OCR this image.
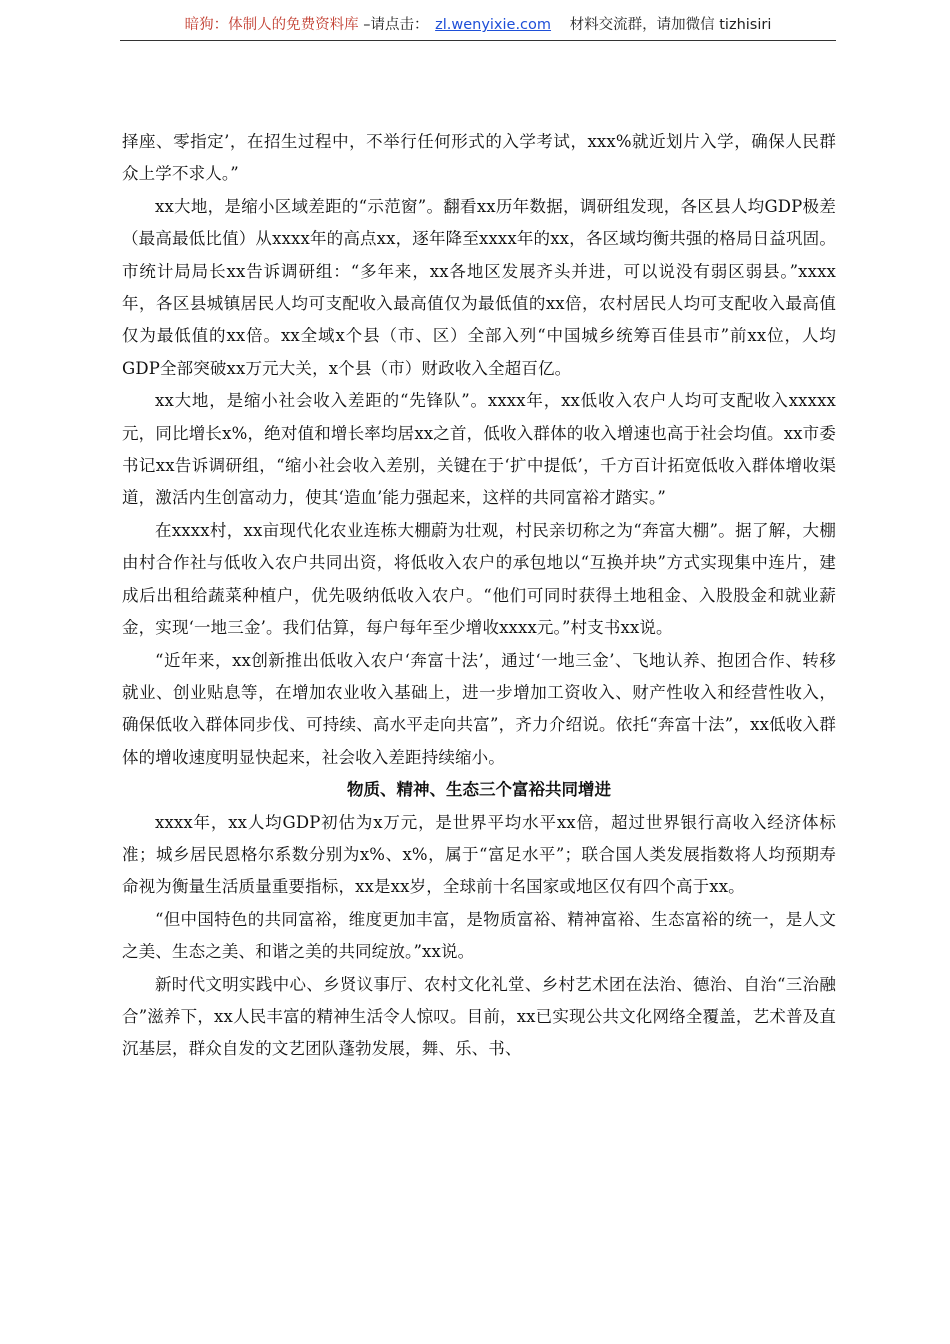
暗狗：体制人的免费资料库 –请点击： zl.wenyixie.com 材料交流群，请加微信 tizhisiri

择座、零指定’，在招生过程中，不举行任何形式的入学考试，xxx%就近划片入学，确保人民群众上学不求人。”

xx大地，是缩小区域差距的“示范窗”。翻看xx历年数据，调研组发现，各区县人均GDP极差（最高最低比值）从xxxx年的高点xx，逐年降至xxxx年的xx，各区域均衡共强的格局日益巩固。市统计局局长xx告诉调研组：“多年来，xx各地区发展齐头并进，可以说没有弱区弱县。”xxxx年，各区县城镇居民人均可支配收入最高值仅为最低值的xx倍，农村居民人均可支配收入最高值仅为最低值的xx倍。xx全域x个县（市、区）全部入列“中国城乡统筹百佳县市”前xx位，人均GDP全部突破xx万元大关，x个县（市）财政收入全超百亿。

xx大地，是缩小社会收入差距的“先锋队”。xxxx年，xx低收入农户人均可支配收入xxxxx元，同比增长x%，绝对值和增长率均居xx之首，低收入群体的收入增速也高于社会均值。xx市委书记xx告诉调研组，“缩小社会收入差别，关键在于‘扩中提低’，千方百计拓宽低收入群体增收渠道，激活内生创富动力，使其‘造血’能力强起来，这样的共同富裕才踏实。”

在xxxx村，xx亩现代化农业连栋大棚蔚为壮观，村民亲切称之为“奔富大棚”。据了解，大棚由村合作社与低收入农户共同出资，将低收入农户的承包地以“互换并块”方式实现集中连片，建成后出租给蔬菜种植户，优先吸纳低收入农户。“他们可同时获得土地租金、入股股金和就业薪金，实现‘一地三金’。我们估算，每户每年至少增收xxxx元。”村支书xx说。

“近年来，xx创新推出低收入农户‘奔富十法’，通过‘一地三金’、飞地认养、抱团合作、转移就业、创业贴息等，在增加农业收入基础上，进一步增加工资收入、财产性收入和经营性收入，确保低收入群体同步伐、可持续、高水平走向共富”，齐力介绍说。依托“奔富十法”，xx低收入群体的增收速度明显快起来，社会收入差距持续缩小。

物质、精神、生态三个富裕共同增进

xxxx年，xx人均GDP初估为x万元，是世界平均水平xx倍，超过世界银行高收入经济体标准；城乡居民恩格尔系数分别为x%、x%，属于“富足水平”；联合国人类发展指数将人均预期寿命视为衡量生活质量重要指标，xx是xx岁，全球前十名国家或地区仅有四个高于xx。

“但中国特色的共同富裕，维度更加丰富，是物质富裕、精神富裕、生态富裕的统一，是人文之美、生态之美、和谐之美的共同绽放。”xx说。

新时代文明实践中心、乡贤议事厅、农村文化礼堂、乡村艺术团在法治、德治、自治“三治融合”滋养下，xx人民丰富的精神生活令人惊叹。目前，xx已实现公共文化网络全覆盖，艺术普及直沉基层，群众自发的文艺团队蓬勃发展，舞、乐、书、
